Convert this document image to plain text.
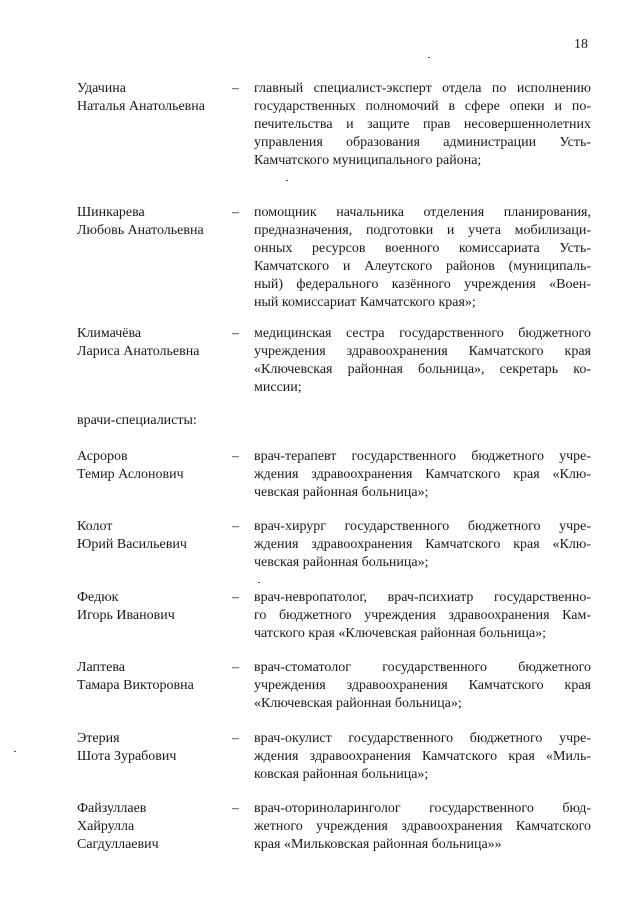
18
Удачина
Наталья Анатольевна
– главный специалист-эксперт отдела по исполнению
государственных полномочий в сфере опеки и по-
печительства и защите прав несовершеннолетних
управления образования администрации Усть-
Камчатского муниципального района;
Шинкарева
Любовь Анатольевна
– помощник начальника отделения планирования,
предназначения, подготовки и учета мобилизаци-
онных ресурсов военного комиссариата Усть-
Камчатского и Алеутского районов (муниципаль-
ный) федерального казённого учреждения «Воен-
ный комиссариат Камчатского края»;
Климачёва
Лариса Анатольевна
– медицинская сестра государственного бюджетного
учреждения здравоохранения Камчатского края
«Ключевская районная больница», секретарь ко-
миссии;
врачи-специалисты:
Асроров
Темир Аслонович
– врач-терапевт государственного бюджетного учре-
ждения здравоохранения Камчатского края «Клю-
чевская районная больница»;
Колот
Юрий Васильевич
– врач-хирург государственного бюджетного учре-
ждения здравоохранения Камчатского края «Клю-
чевская районная больница»;
Федюк
Игорь Иванович
– врач-невропатолог, врач-психиатр государственно-
го бюджетного учреждения здравоохранения Кам-
чатского края «Ключевская районная больница»;
Лаптева
Тамара Викторовна
– врач-стоматолог государственного бюджетного
учреждения здравоохранения Камчатского края
«Ключевская районная больница»;
Этерия
Шота Зурабович
– врач-окулист государственного бюджетного учре-
ждения здравоохранения Камчатского края «Миль-
ковская районная больница»;
Файзуллаев
Хайрулла
Сагдуллаевич
– врач-оториноларинголог государственного бюд-
жетного учреждения здравоохранения Камчатского
края «Мильковская районная больница»»
